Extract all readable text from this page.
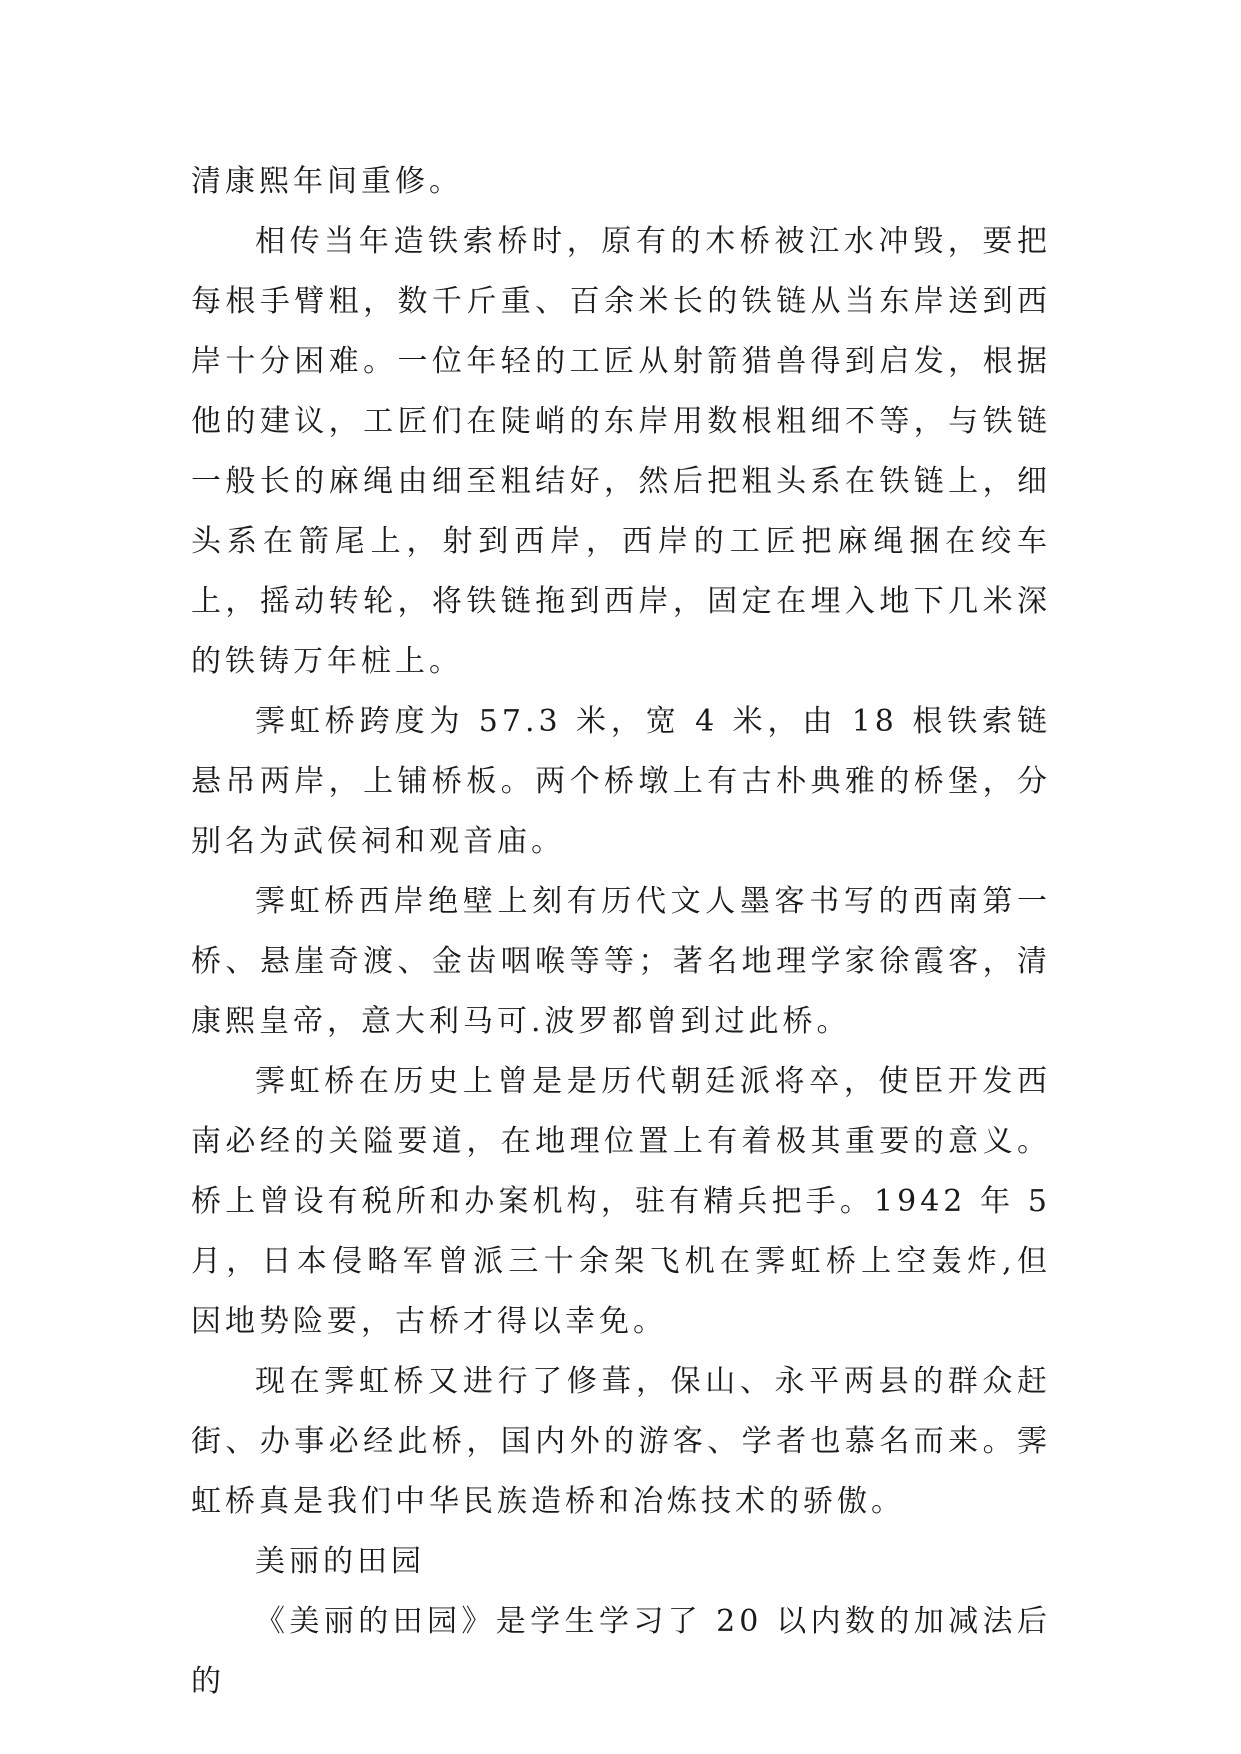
清康熙年间重修。

相传当年造铁索桥时，原有的木桥被江水冲毁，要把每根手臂粗，数千斤重、百余米长的铁链从当东岸送到西岸十分困难。一位年轻的工匠从射箭猎兽得到启发，根据他的建议，工匠们在陡峭的东岸用数根粗细不等，与铁链一般长的麻绳由细至粗结好，然后把粗头系在铁链上，细头系在箭尾上，射到西岸，西岸的工匠把麻绳捆在绞车上，摇动转轮，将铁链拖到西岸，固定在埋入地下几米深的铁铸万年桩上。

霁虹桥跨度为 57.3 米，宽 4 米，由 18 根铁索链悬吊两岸，上铺桥板。两个桥墩上有古朴典雅的桥堡，分别名为武侯祠和观音庙。

霁虹桥西岸绝壁上刻有历代文人墨客书写的西南第一桥、悬崖奇渡、金齿咽喉等等；著名地理学家徐霞客，清康熙皇帝，意大利马可.波罗都曾到过此桥。

霁虹桥在历史上曾是是历代朝廷派将卒，使臣开发西南必经的关隘要道，在地理位置上有着极其重要的意义。桥上曾设有税所和办案机构，驻有精兵把手。1942 年 5 月，日本侵略军曾派三十余架飞机在霁虹桥上空轰炸,但因地势险要，古桥才得以幸免。

现在霁虹桥又进行了修葺，保山、永平两县的群众赶街、办事必经此桥，国内外的游客、学者也慕名而来。霁虹桥真是我们中华民族造桥和冶炼技术的骄傲。

美丽的田园

《美丽的田园》是学生学习了 20 以内数的加减法后的
